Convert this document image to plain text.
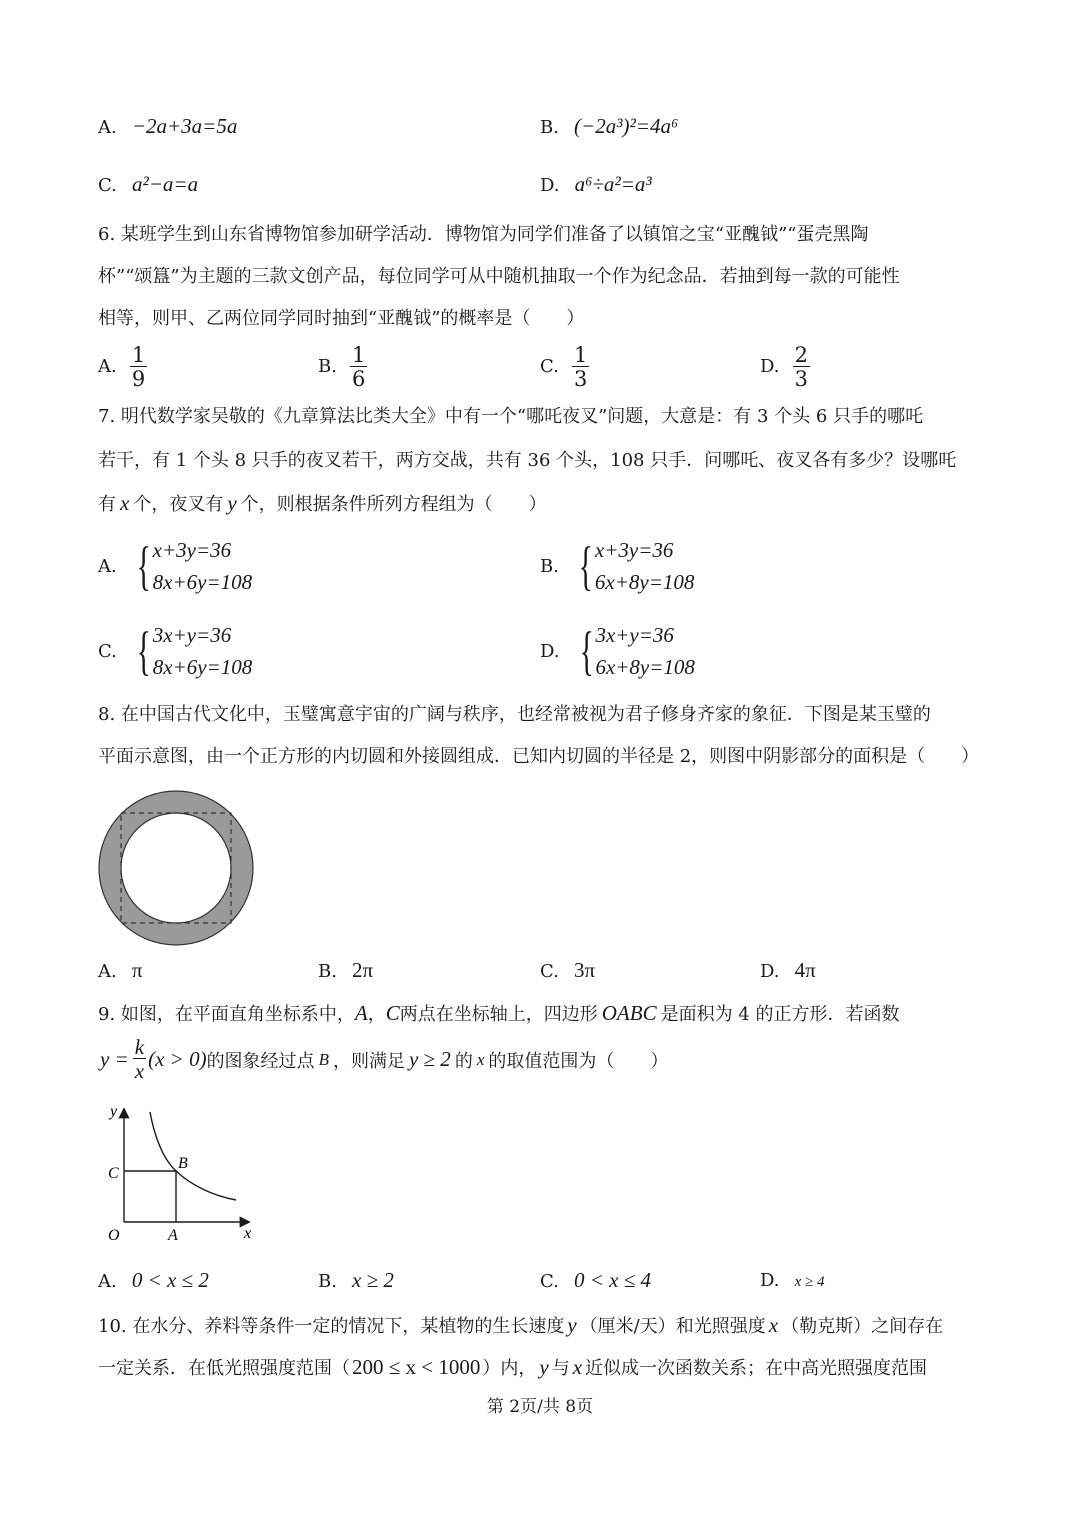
A. −2a+3a=5a	B. (−2a³)²=4a⁶
C. a²−a=a	D. a⁶÷a²=a³
6. 某班学生到山东省博物馆参加研学活动．博物馆为同学们准备了以镇馆之宝“亚醜钺”“蛋壳黑陶
杯”“颂簋”为主题的三款文创产品，每位同学可从中随机抽取一个作为纪念品．若抽到每一款的可能性
相等，则甲、乙两位同学同时抽到“亚醜钺”的概率是（　　）
A. $\frac{1}{9}$	B. $\frac{1}{6}$	C. $\frac{1}{3}$	D. $\frac{2}{3}$
7. 明代数学家吴敬的《九章算法比类大全》中有一个“哪吒夜叉”问题，大意是：有 3 个头 6 只手的哪吒
若干，有 1 个头 8 只手的夜叉若干，两方交战，共有 36 个头，108 只手．问哪吒、夜叉各有多少？设哪吒
有 x 个，夜叉有 y 个，则根据条件所列方程组为（　　）
A. { x+3y=36
8x+6y=108
B. { x+3y=36
6x+8y=108
C. { 3x+y=36
8x+6y=108
D. { 3x+y=36
6x+8y=108
8. 在中国古代文化中，玉璧寓意宇宙的广阔与秩序，也经常被视为君子修身齐家的象征．下图是某玉璧的
平面示意图，由一个正方形的内切圆和外接圆组成．已知内切圆的半径是 2，则图中阴影部分的面积是（　　）
A. π	B. 2π	C. 3π	D. 4π
9. 如图，在平面直角坐标系中，A，C两点在坐标轴上，四边形 OABC 是面积为 4 的正方形．若函数
$y = \frac{k}{x} (x > 0)$ 的图象经过点 B ，则满足 y ≥ 2 的 x 的取值范围为（　　）
y
x
O	A
B
C
A. 0 < x ≤ 2	B. x ≥ 2	C. 0 < x ≤ 4	D. x ≥ 4
10. 在水分、养料等条件一定的情况下，某植物的生长速度 y （厘米/天）和光照强度 x （勒克斯）之间存在
一定关系．在低光照强度范围（200 ≤ x < 1000 ）内， y 与 x 近似成一次函数关系；在中高光照强度范围
第 2页/共 8页
